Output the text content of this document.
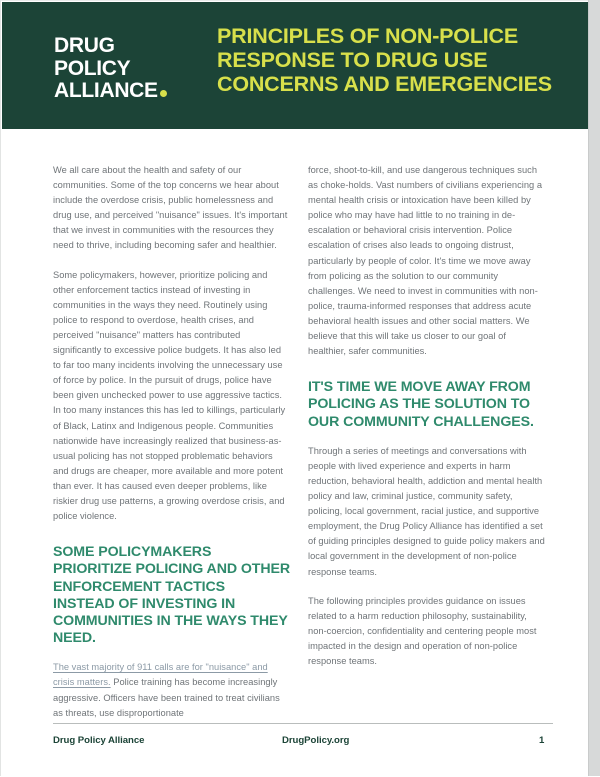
DRUG
POLICY
ALLIANCE
PRINCIPLES OF NON-POLICE RESPONSE TO DRUG USE CONCERNS AND EMERGENCIES

We all care about the health and safety of our communities. Some of the top concerns we hear about include the overdose crisis, public homelessness and drug use, and perceived "nuisance" issues. It's important that we invest in communities with the resources they need to thrive, including becoming safer and healthier.

Some policymakers, however, prioritize policing and other enforcement tactics instead of investing in communities in the ways they need. Routinely using police to respond to overdose, health crises, and perceived "nuisance" matters has contributed significantly to excessive police budgets. It has also led to far too many incidents involving the unnecessary use of force by police. In the pursuit of drugs, police have been given unchecked power to use aggressive tactics. In too many instances this has led to killings, particularly of Black, Latinx and Indigenous people. Communities nationwide have increasingly realized that business-as-usual policing has not stopped problematic behaviors and drugs are cheaper, more available and more potent than ever. It has caused even deeper problems, like riskier drug use patterns, a growing overdose crisis, and police violence.

SOME POLICYMAKERS PRIORITIZE POLICING AND OTHER ENFORCEMENT TACTICS INSTEAD OF INVESTING IN COMMUNITIES IN THE WAYS THEY NEED.

The vast majority of 911 calls are for "nuisance" and crisis matters. Police training has become increasingly aggressive. Officers have been trained to treat civilians as threats, use disproportionate

force, shoot-to-kill, and use dangerous techniques such as choke-holds. Vast numbers of civilians experiencing a mental health crisis or intoxication have been killed by police who may have had little to no training in de-escalation or behavioral crisis intervention. Police escalation of crises also leads to ongoing distrust, particularly by people of color. It's time we move away from policing as the solution to our community challenges. We need to invest in communities with non-police, trauma-informed responses that address acute behavioral health issues and other social matters. We believe that this will take us closer to our goal of healthier, safer communities.

IT'S TIME WE MOVE AWAY FROM POLICING AS THE SOLUTION TO OUR COMMUNITY CHALLENGES.

Through a series of meetings and conversations with people with lived experience and experts in harm reduction, behavioral health, addiction and mental health policy and law, criminal justice, community safety, policing, local government, racial justice, and supportive employment, the Drug Policy Alliance has identified a set of guiding principles designed to guide policy makers and local government in the development of non-police response teams.

The following principles provides guidance on issues related to a harm reduction philosophy, sustainability, non-coercion, confidentiality and centering people most impacted in the design and operation of non-police response teams.

Drug Policy Alliance	DrugPolicy.org	1
